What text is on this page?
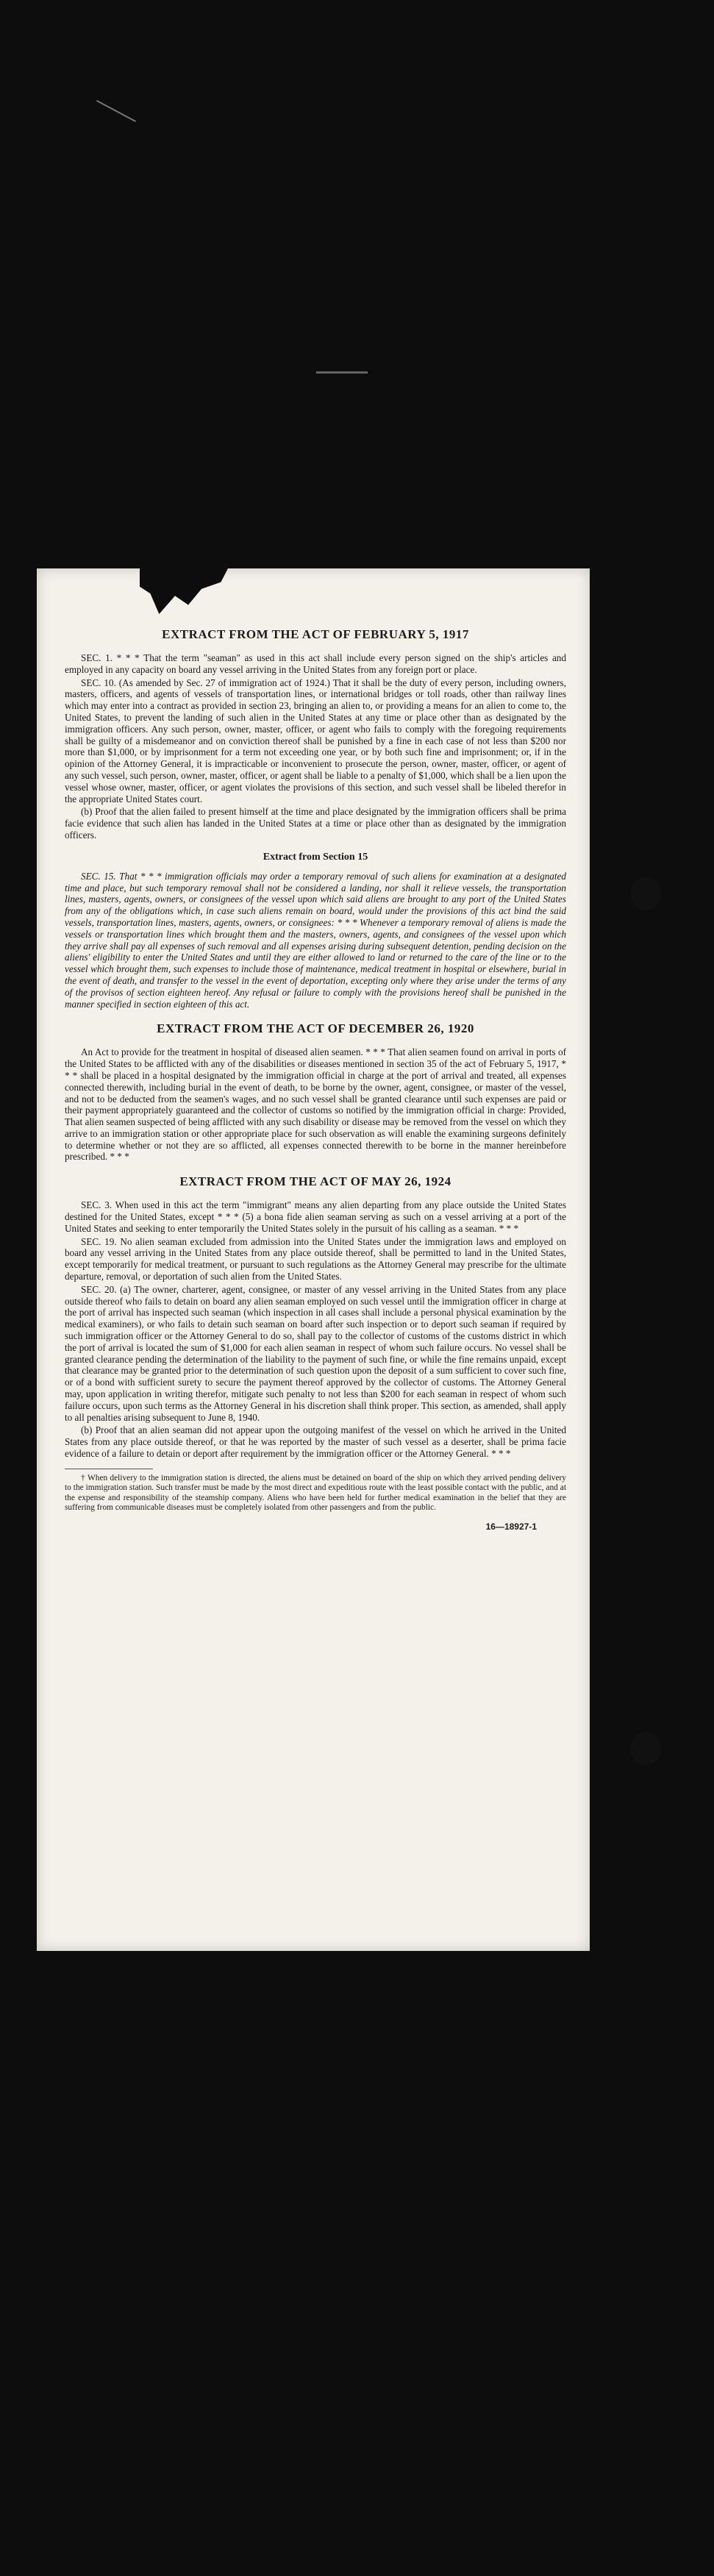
EXTRACT FROM THE ACT OF FEBRUARY 5, 1917

SEC. 1. * * * That the term "seaman" as used in this act shall include every person signed on the ship's articles and employed in any capacity on board any vessel arriving in the United States from any foreign port or place.

SEC. 10. (As amended by Sec. 27 of immigration act of 1924.) That it shall be the duty of every person, including owners, masters, officers, and agents of vessels of transportation lines, or international bridges or toll roads, other than railway lines which may enter into a contract as provided in section 23, bringing an alien to, or providing a means for an alien to come to, the United States, to prevent the landing of such alien in the United States at any time or place other than as designated by the immigration officers. Any such person, owner, master, officer, or agent who fails to comply with the foregoing requirements shall be guilty of a misdemeanor and on conviction thereof shall be punished by a fine in each case of not less than $200 nor more than $1,000, or by imprisonment for a term not exceeding one year, or by both such fine and imprisonment; or, if in the opinion of the Attorney General, it is impracticable or inconvenient to prosecute the person, owner, master, officer, or agent of any such vessel, such person, owner, master, officer, or agent shall be liable to a penalty of $1,000, which shall be a lien upon the vessel whose owner, master, officer, or agent violates the provisions of this section, and such vessel shall be libeled therefor in the appropriate United States court.

(b) Proof that the alien failed to present himself at the time and place designated by the immigration officers shall be prima facie evidence that such alien has landed in the United States at a time or place other than as designated by the immigration officers.

Extract from Section 15

SEC. 15. That * * * immigration officials may order a temporary removal of such aliens for examination at a designated time and place, but such temporary removal shall not be considered a landing, nor shall it relieve vessels, the transportation lines, masters, agents, owners, or consignees of the vessel upon which said aliens are brought to any port of the United States from any of the obligations which, in case such aliens remain on board, would under the provisions of this act bind the said vessels, transportation lines, masters, agents, owners, or consignees: * * * Whenever a temporary removal of aliens is made the vessels or transportation lines which brought them and the masters, owners, agents, and consignees of the vessel upon which they arrive shall pay all expenses of such removal and all expenses arising during subsequent detention, pending decision on the aliens' eligibility to enter the United States and until they are either allowed to land or returned to the care of the line or to the vessel which brought them, such expenses to include those of maintenance, medical treatment in hospital or elsewhere, burial in the event of death, and transfer to the vessel in the event of deportation, excepting only where they arise under the terms of any of the provisos of section eighteen hereof. Any refusal or failure to comply with the provisions hereof shall be punished in the manner specified in section eighteen of this act.

EXTRACT FROM THE ACT OF DECEMBER 26, 1920

An Act to provide for the treatment in hospital of diseased alien seamen. * * * That alien seamen found on arrival in ports of the United States to be afflicted with any of the disabilities or diseases mentioned in section 35 of the act of February 5, 1917, * * * shall be placed in a hospital designated by the immigration official in charge at the port of arrival and treated, all expenses connected therewith, including burial in the event of death, to be borne by the owner, agent, consignee, or master of the vessel, and not to be deducted from the seamen's wages, and no such vessel shall be granted clearance until such expenses are paid or their payment appropriately guaranteed and the collector of customs so notified by the immigration official in charge: Provided, That alien seamen suspected of being afflicted with any such disability or disease may be removed from the vessel on which they arrive to an immigration station or other appropriate place for such observation as will enable the examining surgeons definitely to determine whether or not they are so afflicted, all expenses connected therewith to be borne in the manner hereinbefore prescribed. * * *

EXTRACT FROM THE ACT OF MAY 26, 1924

SEC. 3. When used in this act the term "immigrant" means any alien departing from any place outside the United States destined for the United States, except * * * (5) a bona fide alien seaman serving as such on a vessel arriving at a port of the United States and seeking to enter temporarily the United States solely in the pursuit of his calling as a seaman. * * *

SEC. 19. No alien seaman excluded from admission into the United States under the immigration laws and employed on board any vessel arriving in the United States from any place outside thereof, shall be permitted to land in the United States, except temporarily for medical treatment, or pursuant to such regulations as the Attorney General may prescribe for the ultimate departure, removal, or deportation of such alien from the United States.

SEC. 20. (a) The owner, charterer, agent, consignee, or master of any vessel arriving in the United States from any place outside thereof who fails to detain on board any alien seaman employed on such vessel until the immigration officer in charge at the port of arrival has inspected such seaman (which inspection in all cases shall include a personal physical examination by the medical examiners), or who fails to detain such seaman on board after such inspection or to deport such seaman if required by such immigration officer or the Attorney General to do so, shall pay to the collector of customs of the customs district in which the port of arrival is located the sum of $1,000 for each alien seaman in respect of whom such failure occurs. No vessel shall be granted clearance pending the determination of the liability to the payment of such fine, or while the fine remains unpaid, except that clearance may be granted prior to the determination of such question upon the deposit of a sum sufficient to cover such fine, or of a bond with sufficient surety to secure the payment thereof approved by the collector of customs. The Attorney General may, upon application in writing therefor, mitigate such penalty to not less than $200 for each seaman in respect of whom such failure occurs, upon such terms as the Attorney General in his discretion shall think proper. This section, as amended, shall apply to all penalties arising subsequent to June 8, 1940.

(b) Proof that an alien seaman did not appear upon the outgoing manifest of the vessel on which he arrived in the United States from any place outside thereof, or that he was reported by the master of such vessel as a deserter, shall be prima facie evidence of a failure to detain or deport after requirement by the immigration officer or the Attorney General. * * *

† When delivery to the immigration station is directed, the aliens must be detained on board of the ship on which they arrived pending delivery to the immigration station. Such transfer must be made by the most direct and expeditious route with the least possible contact with the public, and at the expense and responsibility of the steamship company. Aliens who have been held for further medical examination in the belief that they are suffering from communicable diseases must be completely isolated from other passengers and from the public.

16—18927-1
